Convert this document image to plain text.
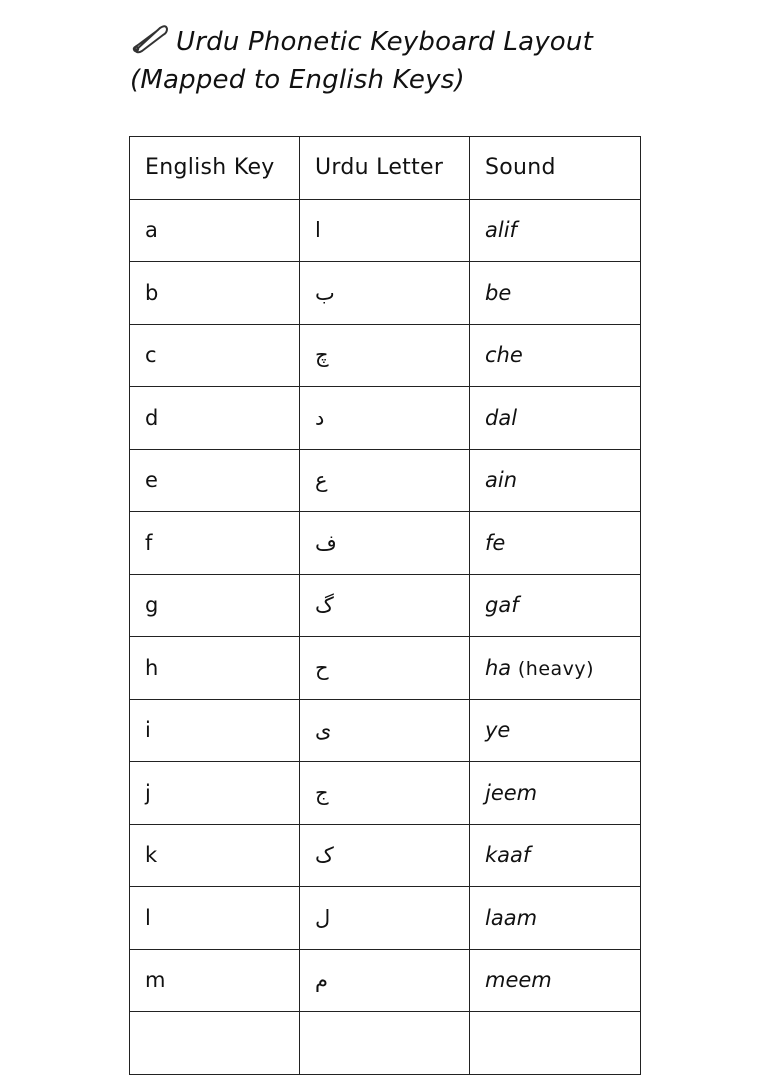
Urdu Phonetic Keyboard Layout
(Mapped to English Keys)
English Key	Urdu Letter	Sound
a	ا	alif
b	ب	be
c	چ	che
d	د	dal
e	ع	ain
f	ف	fe
g	گ	gaf
h	ح	ha (heavy)
i	ی	ye
j	ج	jeem
k	ک	kaaf
l	ل	laam
m	م	meem
